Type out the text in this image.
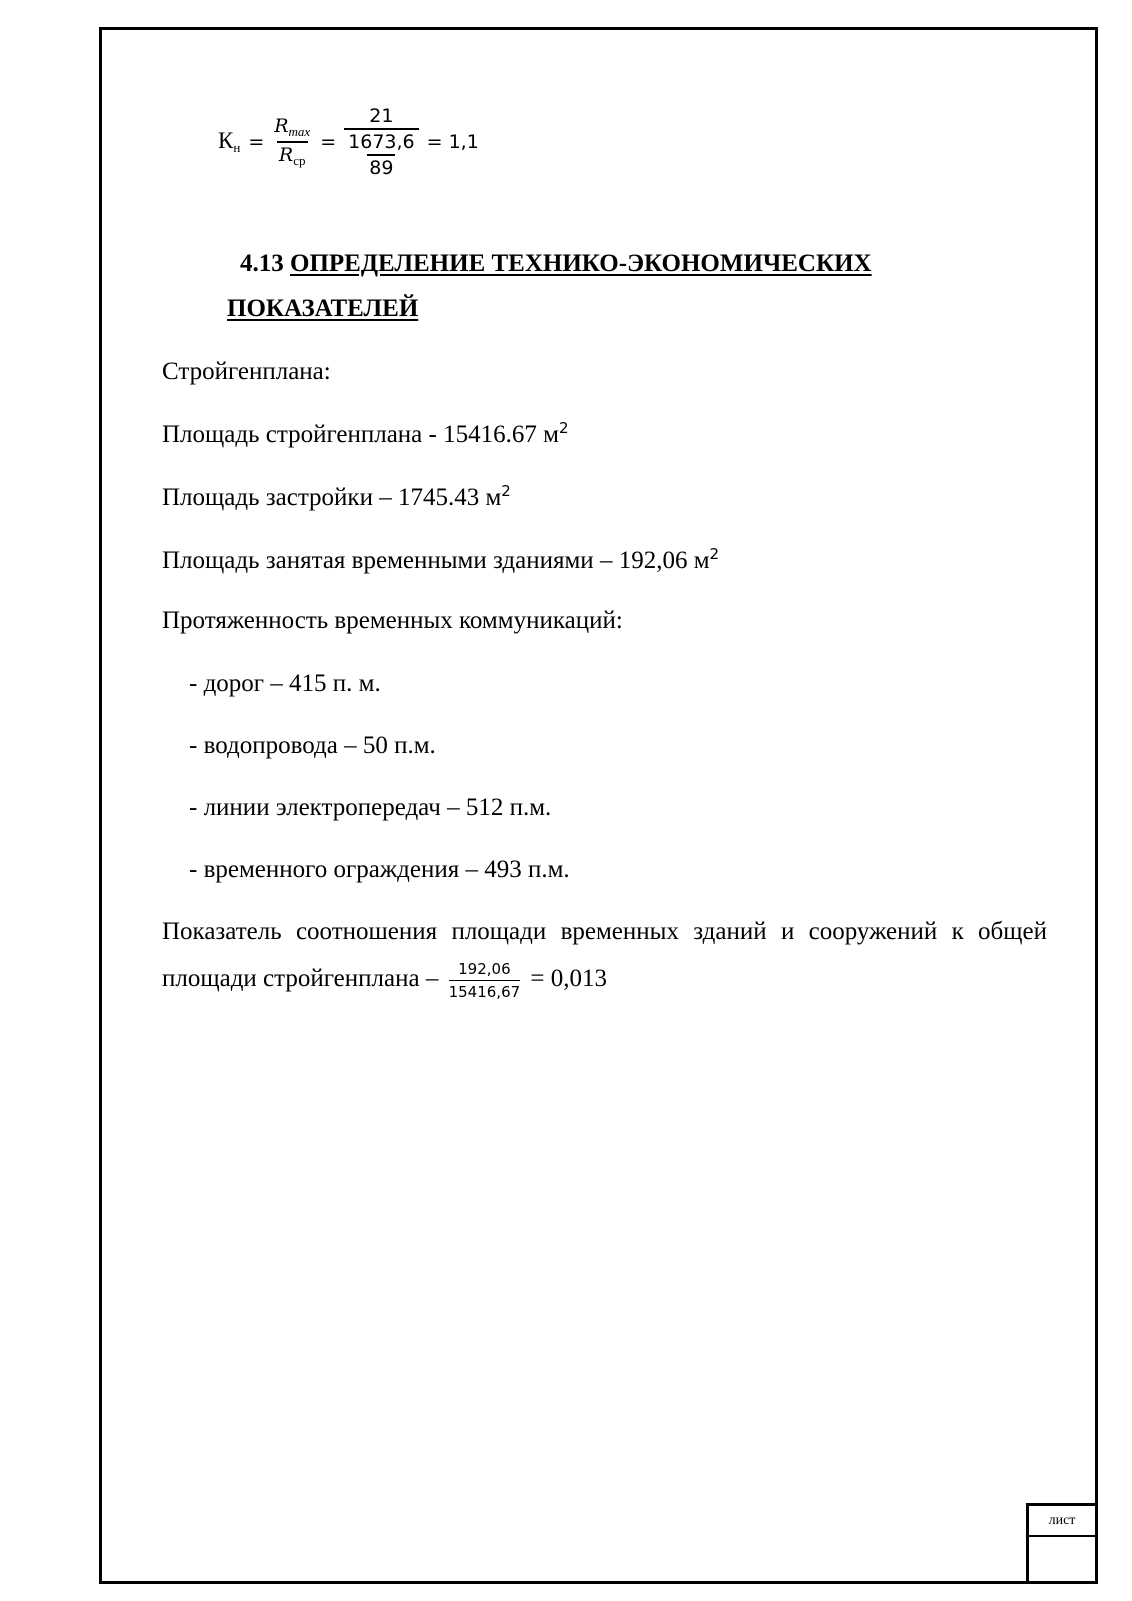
лист
$К_н = \frac{R_{max}}{R_{ср}} = \frac{21}{\frac{1673,6}{89}} = 1,1$
4.13 ОПРЕДЕЛЕНИЕ ТЕХНИКО-ЭКОНОМИЧЕСКИХ
ПОКАЗАТЕЛЕЙ
Стройгенплана:
Площадь стройгенплана - 15416.67 $м^2$
Площадь застройки – 1745.43 $м^2$
Площадь занятая временными зданиями – 192,06 $м^2$
Протяженность временных коммуникаций:
- дорог – 415 п. м.
- водопровода – 50 п.м.
- линии электропередач – 512 п.м.
- временного ограждения – 493 п.м.
Показатель соотношения площади временных зданий и сооружений к общей
площади стройгенплана – $\frac{192,06}{15416,67} = 0,013$
